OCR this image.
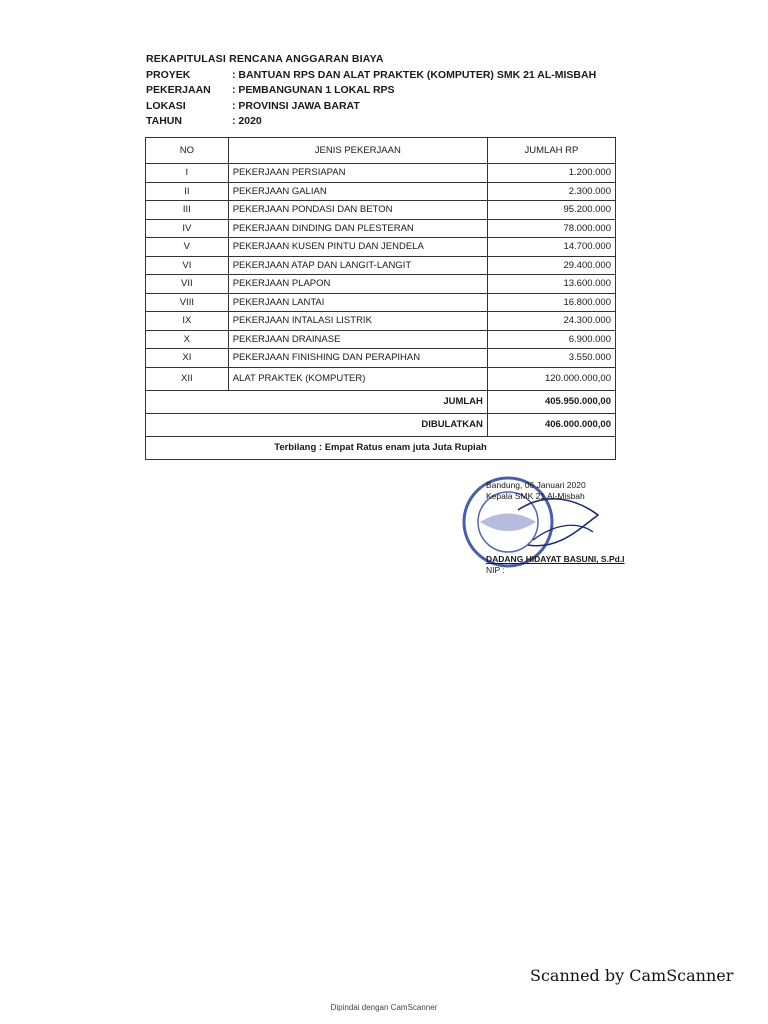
REKAPITULASI RENCANA ANGGARAN BIAYA
PROYEK	: BANTUAN RPS DAN ALAT PRAKTEK (KOMPUTER) SMK 21 AL-MISBAH
PEKERJAAN	: PEMBANGUNAN 1 LOKAL RPS
LOKASI	: PROVINSI JAWA BARAT
TAHUN	: 2020
NO	JENIS PEKERJAAN	JUMLAH RP
I	PEKERJAAN PERSIAPAN	1.200.000
II	PEKERJAAN GALIAN	2.300.000
III	PEKERJAAN PONDASI DAN BETON	95.200.000
IV	PEKERJAAN DINDING DAN PLESTERAN	78.000.000
V	PEKERJAAN KUSEN PINTU DAN JENDELA	14.700.000
VI	PEKERJAAN ATAP DAN LANGIT-LANGIT	29.400.000
VII	PEKERJAAN PLAPON	13.600.000
VIII	PEKERJAAN LANTAI	16.800.000
IX	PEKERJAAN INTALASI LISTRIK	24.300.000
X	PEKERJAAN DRAINASE	6.900.000
XI	PEKERJAAN FINISHING DAN PERAPIHAN	3.550.000
XII	ALAT PRAKTEK (KOMPUTER)	120.000.000,00
JUMLAH		405.950.000,00
DIBULATKAN		406.000.000,00
Terbilang : Empat Ratus enam juta Juta Rupiah		
Bandung, 06 Januari 2020
Kepala SMK 21 Al-Misbah
DADANG HIDAYAT BASUNI, S.Pd.I
NIP :
Scanned by CamScanner
Dipindai dengan CamScanner
